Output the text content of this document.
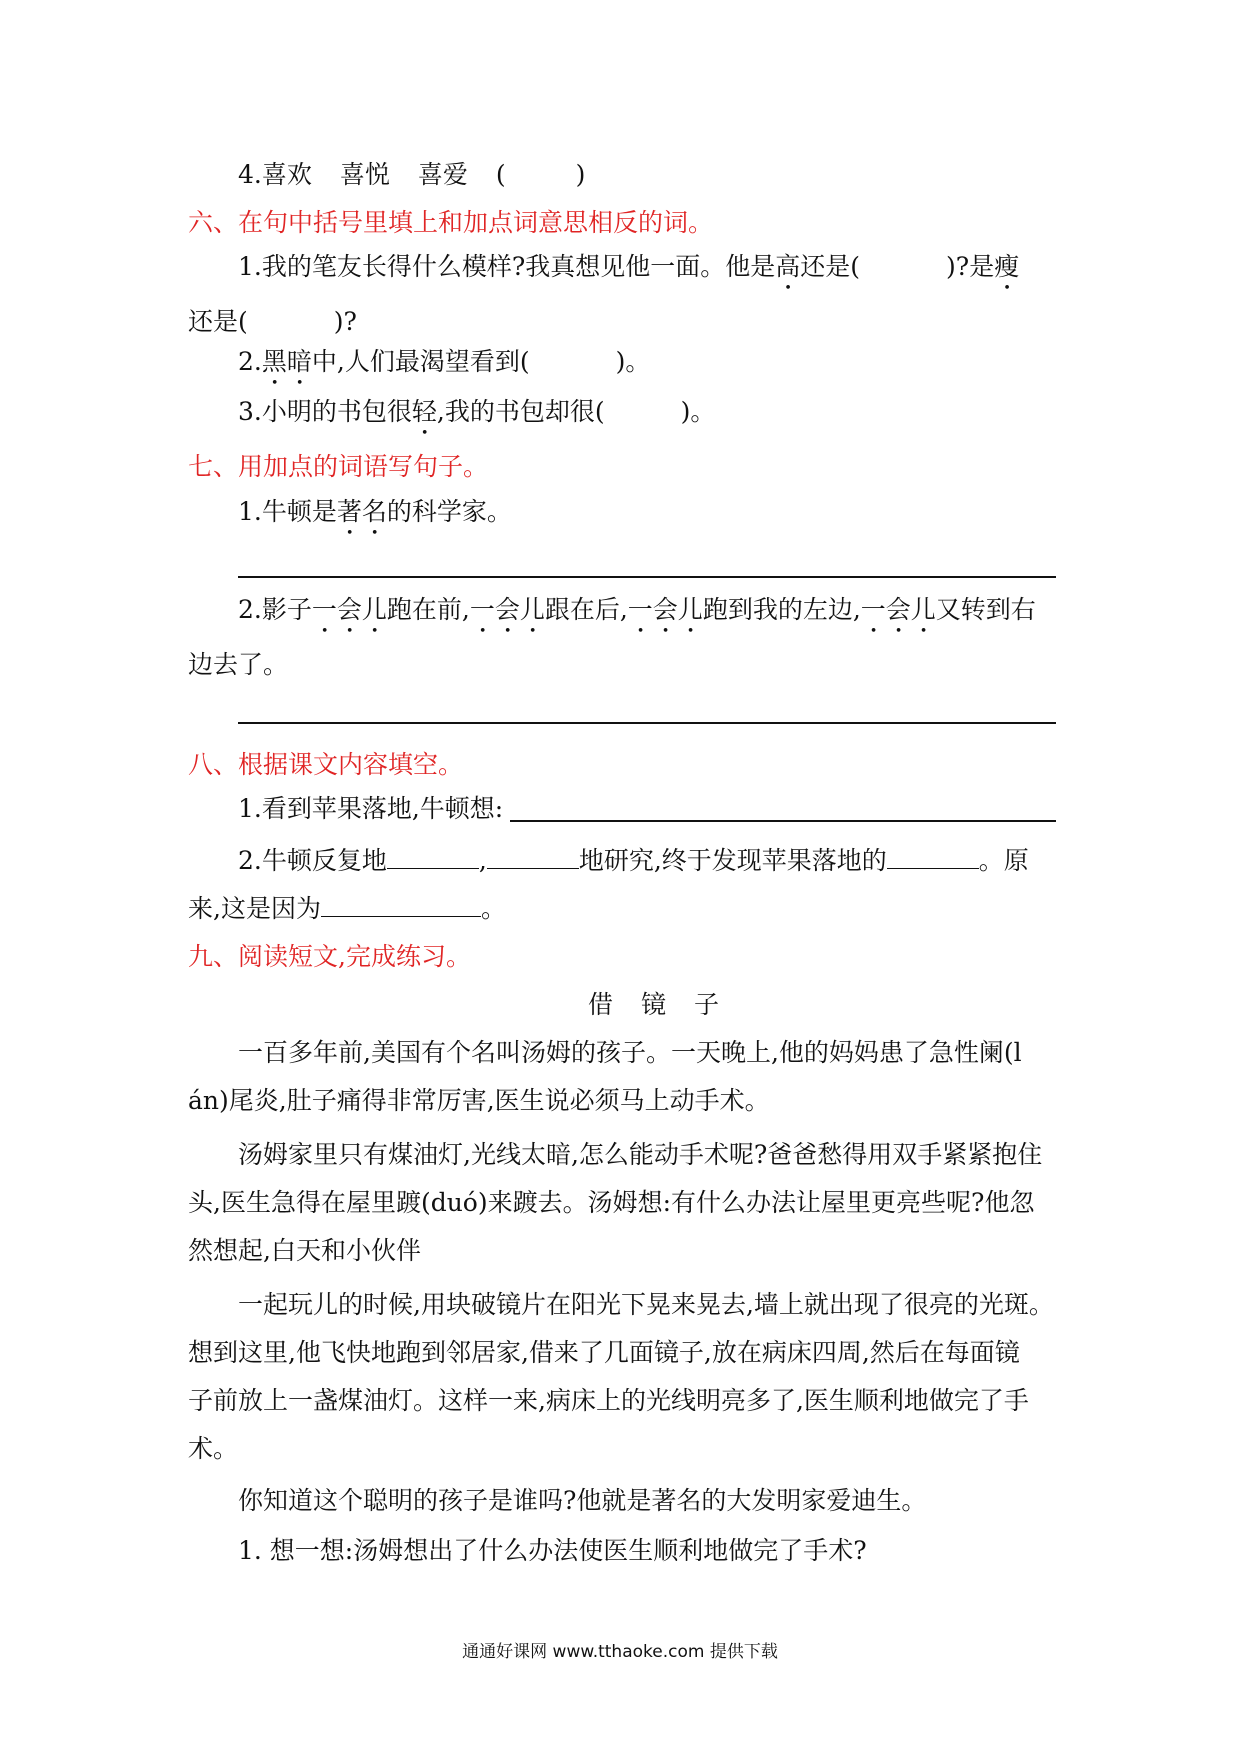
4.喜欢 喜悦 喜爱 (	)
六、在句中括号里填上和加点词意思相反的词。
1.我的笔友长得什么模样?我真想见他一面。他是高还是(	)?是瘦
还是(	)?
2.黑暗中,人们最渴望看到(	)。
3.小明的书包很轻,我的书包却很(	)。
七、用加点的词语写句子。
1.牛顿是著名的科学家。
2.影子一会儿跑在前,一会儿跟在后,一会儿跑到我的左边,一会儿又转到右
边去了。
八、根据课文内容填空。
1.看到苹果落地,牛顿想:
2.牛顿反复地	,	地研究,终于发现苹果落地的	。原
来,这是因为	。
九、阅读短文,完成练习。
借镜子
一百多年前,美国有个名叫汤姆的孩子。一天晚上,他的妈妈患了急性阑(l
án)尾炎,肚子痛得非常厉害,医生说必须马上动手术。
汤姆家里只有煤油灯,光线太暗,怎么能动手术呢?爸爸愁得用双手紧紧抱住
头,医生急得在屋里踱(duó)来踱去。汤姆想:有什么办法让屋里更亮些呢?他忽
然想起,白天和小伙伴
一起玩儿的时候,用块破镜片在阳光下晃来晃去,墙上就出现了很亮的光斑。
想到这里,他飞快地跑到邻居家,借来了几面镜子,放在病床四周,然后在每面镜
子前放上一盏煤油灯。这样一来,病床上的光线明亮多了,医生顺利地做完了手
术。
你知道这个聪明的孩子是谁吗?他就是著名的大发明家爱迪生。
1. 想一想:汤姆想出了什么办法使医生顺利地做完了手术?
通通好课网 www.tthaoke.com 提供下载
